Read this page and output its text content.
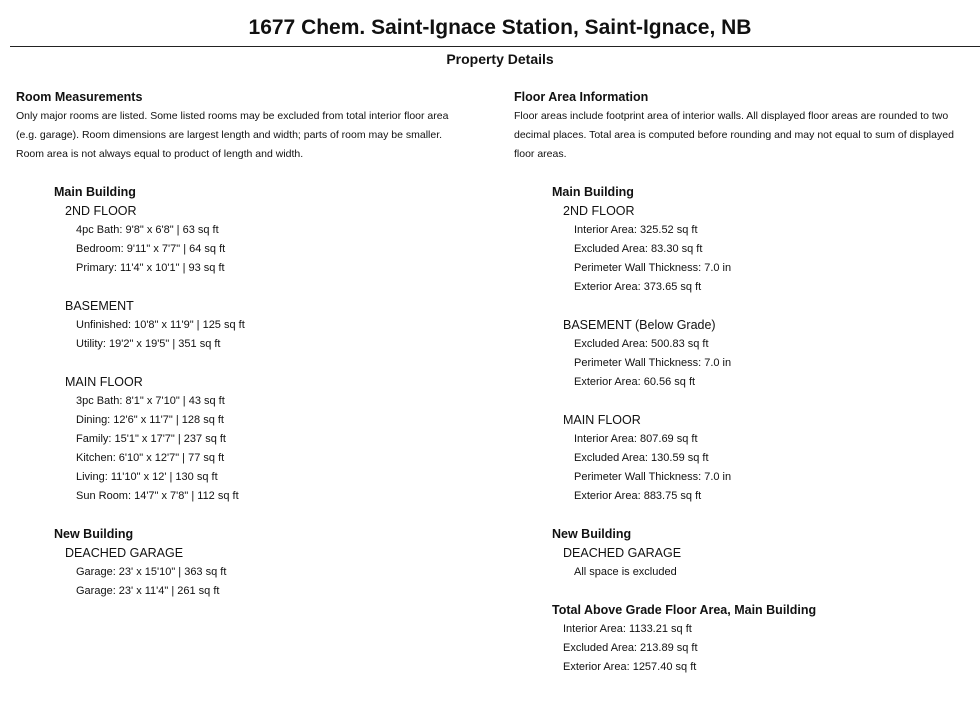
1677 Chem. Saint-Ignace Station, Saint-Ignace, NB
Property Details
Room Measurements
Only major rooms are listed. Some listed rooms may be excluded from total interior floor area
(e.g. garage). Room dimensions are largest length and width; parts of room may be smaller.
Room area is not always equal to product of length and width.
Main Building
2ND FLOOR
4pc Bath: 9'8" x 6'8" | 63 sq ft
Bedroom: 9'11" x 7'7" | 64 sq ft
Primary: 11'4" x 10'1" | 93 sq ft
BASEMENT
Unfinished: 10'8" x 11'9" | 125 sq ft
Utility: 19'2" x 19'5" | 351 sq ft
MAIN FLOOR
3pc Bath: 8'1" x 7'10" | 43 sq ft
Dining: 12'6" x 11'7" | 128 sq ft
Family: 15'1" x 17'7" | 237 sq ft
Kitchen: 6'10" x 12'7" | 77 sq ft
Living: 11'10" x 12' | 130 sq ft
Sun Room: 14'7" x 7'8" | 112 sq ft
New Building
DEACHED GARAGE
Garage: 23' x 15'10" | 363 sq ft
Garage: 23' x 11'4" | 261 sq ft
Floor Area Information
Floor areas include footprint area of interior walls. All displayed floor areas are rounded to two
decimal places. Total area is computed before rounding and may not equal to sum of displayed
floor areas.
Main Building
2ND FLOOR
Interior Area: 325.52 sq ft
Excluded Area: 83.30 sq ft
Perimeter Wall Thickness: 7.0 in
Exterior Area: 373.65 sq ft
BASEMENT (Below Grade)
Excluded Area: 500.83 sq ft
Perimeter Wall Thickness: 7.0 in
Exterior Area: 60.56 sq ft
MAIN FLOOR
Interior Area: 807.69 sq ft
Excluded Area: 130.59 sq ft
Perimeter Wall Thickness: 7.0 in
Exterior Area: 883.75 sq ft
New Building
DEACHED GARAGE
All space is excluded
Total Above Grade Floor Area, Main Building
Interior Area: 1133.21 sq ft
Excluded Area: 213.89 sq ft
Exterior Area: 1257.40 sq ft
